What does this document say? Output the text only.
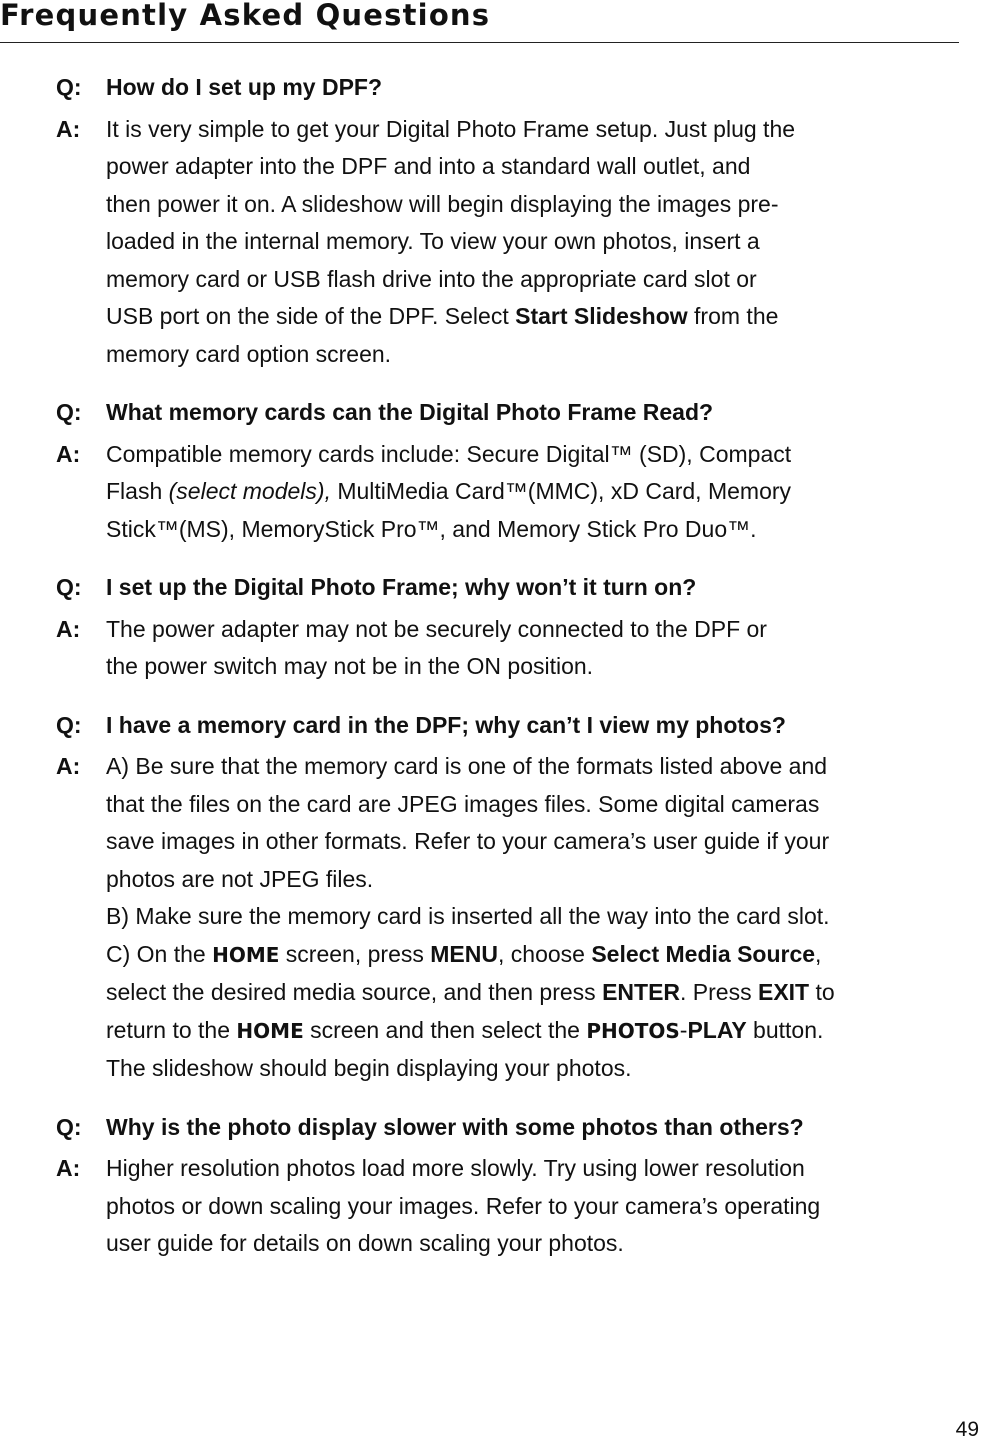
Frequently Asked Questions
Q:	How do I set up my DPF?
A:	It is very simple to get your Digital Photo Frame setup. Just plug the
power adapter into the DPF and into a standard wall outlet, and
then power it on. A slideshow will begin displaying the images pre-
loaded in the internal memory. To view your own photos, insert a
memory card or USB flash drive into the appropriate card slot or
USB port on the side of the DPF. Select Start Slideshow from the
memory card option screen.
Q:	What memory cards can the Digital Photo Frame Read?
A:	Compatible memory cards include: Secure Digital™ (SD), Compact
Flash (select models), MultiMedia Card™(MMC), xD Card, Memory
Stick™(MS), MemoryStick Pro™, and Memory Stick Pro Duo™.
Q:	I set up the Digital Photo Frame; why won’t it turn on?
A:	The power adapter may not be securely connected to the DPF or
the power switch may not be in the ON position.
Q:	I have a memory card in the DPF; why can’t I view my photos?
A:	A) Be sure that the memory card is one of the formats listed above and
that the files on the card are JPEG images files. Some digital cameras
save images in other formats. Refer to your camera’s user guide if your
photos are not JPEG files.
B) Make sure the memory card is inserted all the way into the card slot.
C) On the HOME screen, press MENU, choose Select Media Source,
select the desired media source, and then press ENTER. Press EXIT to
return to the HOME screen and then select the PHOTOS-PLAY button.
The slideshow should begin displaying your photos.
Q:	Why is the photo display slower with some photos than others?
A:	Higher resolution photos load more slowly. Try using lower resolution
photos or down scaling your images. Refer to your camera’s operating
user guide for details on down scaling your photos.
49
